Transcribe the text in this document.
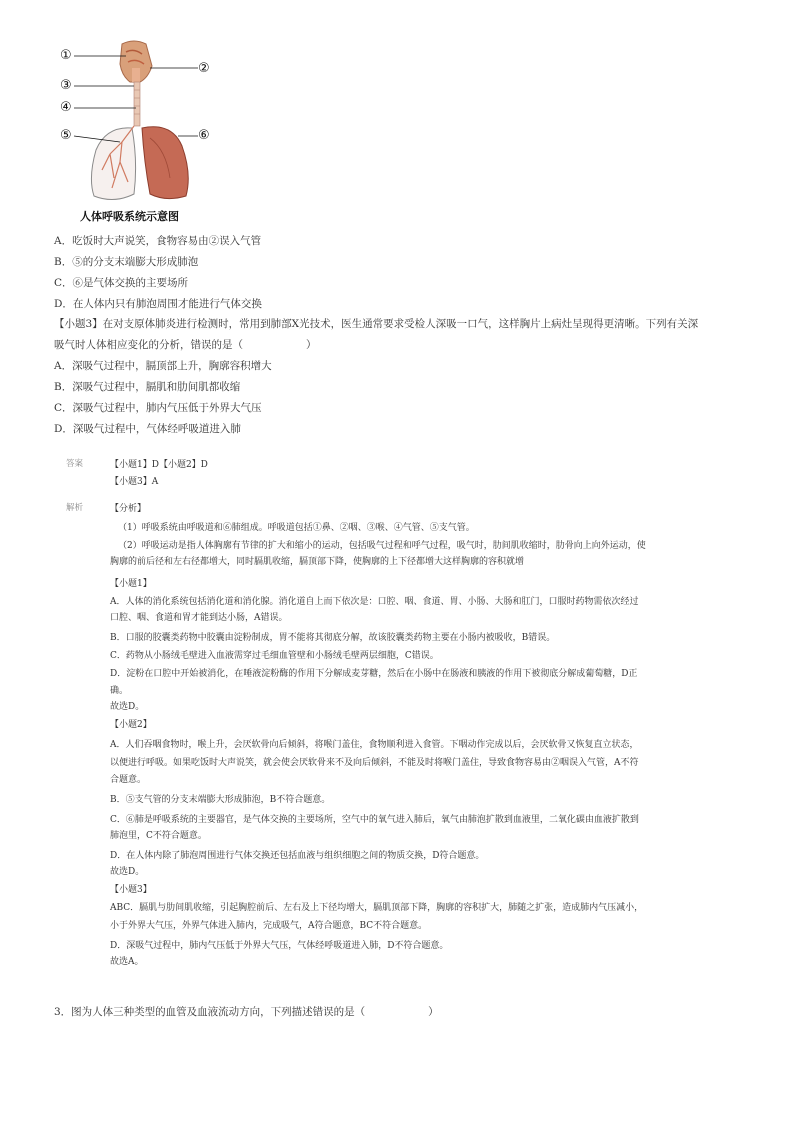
①
②
③
④
⑤	⑥
人体呼吸系统示意图
A．吃饭时大声说笑，食物容易由②误入气管
B．⑤的分支末端膨大形成肺泡
C．⑥是气体交换的主要场所
D．在人体内只有肺泡周围才能进行气体交换
【小题3】在对支原体肺炎进行检测时，常用到肺部X光技术，医生通常要求受检人深吸一口气，这样胸片上病灶呈现得更清晰。下列有关深
吸气时人体相应变化的分析，错误的是（　　　　　　）
A．深吸气过程中，膈顶部上升，胸廓容积增大
B．深吸气过程中，膈肌和肋间肌都收缩
C．深吸气过程中，肺内气压低于外界大气压
D．深吸气过程中，气体经呼吸道进入肺
答案	【小题1】D【小题2】D
【小题3】A
解析	【分析】
（1）呼吸系统由呼吸道和⑥肺组成。呼吸道包括①鼻、②咽、③喉、④气管、⑤支气管。
（2）呼吸运动是指人体胸廓有节律的扩大和缩小的运动，包括吸气过程和呼气过程，吸气时，肋间肌收缩时，肋骨向上向外运动，使
胸廓的前后径和左右径都增大，同时膈肌收缩，膈顶部下降，使胸廓的上下径都增大这样胸廓的容积就增
【小题1】
A．人体的消化系统包括消化道和消化腺。消化道自上而下依次是：口腔、咽、食道、胃、小肠、大肠和肛门，口服时药物需依次经过
口腔、咽、食道和胃才能到达小肠，A错误。
B．口服的胶囊类药物中胶囊由淀粉制成，胃不能将其彻底分解，故该胶囊类药物主要在小肠内被吸收，B错误。
C．药物从小肠绒毛壁进入血液需穿过毛细血管壁和小肠绒毛壁两层细胞，C错误。
D．淀粉在口腔中开始被消化，在唾液淀粉酶的作用下分解成麦芽糖，然后在小肠中在肠液和胰液的作用下被彻底分解成葡萄糖，D正
确。
故选D。
【小题2】
A．人们吞咽食物时，喉上升，会厌软骨向后倾斜，将喉门盖住，食物顺利进入食管。下咽动作完成以后，会厌软骨又恢复直立状态，
以便进行呼吸。如果吃饭时大声说笑，就会使会厌软骨来不及向后倾斜，不能及时将喉门盖住，导致食物容易由②咽误入气管，A不符
合题意。
B．⑤支气管的分支末端膨大形成肺泡，B不符合题意。
C．⑥肺是呼吸系统的主要器官，是气体交换的主要场所，空气中的氧气进入肺后，氧气由肺泡扩散到血液里，二氧化碳由血液扩散到
肺泡里，C不符合题意。
D．在人体内除了肺泡周围进行气体交换还包括血液与组织细胞之间的物质交换，D符合题意。
故选D。
【小题3】
ABC．膈肌与肋间肌收缩，引起胸腔前后、左右及上下径均增大，膈肌顶部下降，胸廓的容积扩大，肺随之扩张，造成肺内气压减小，
小于外界大气压，外界气体进入肺内，完成吸气，A符合题意，BC不符合题意。
D．深吸气过程中，肺内气压低于外界大气压，气体经呼吸道进入肺，D不符合题意。
故选A。
3．图为人体三种类型的血管及血液流动方向，下列描述错误的是（　　　　　　）
